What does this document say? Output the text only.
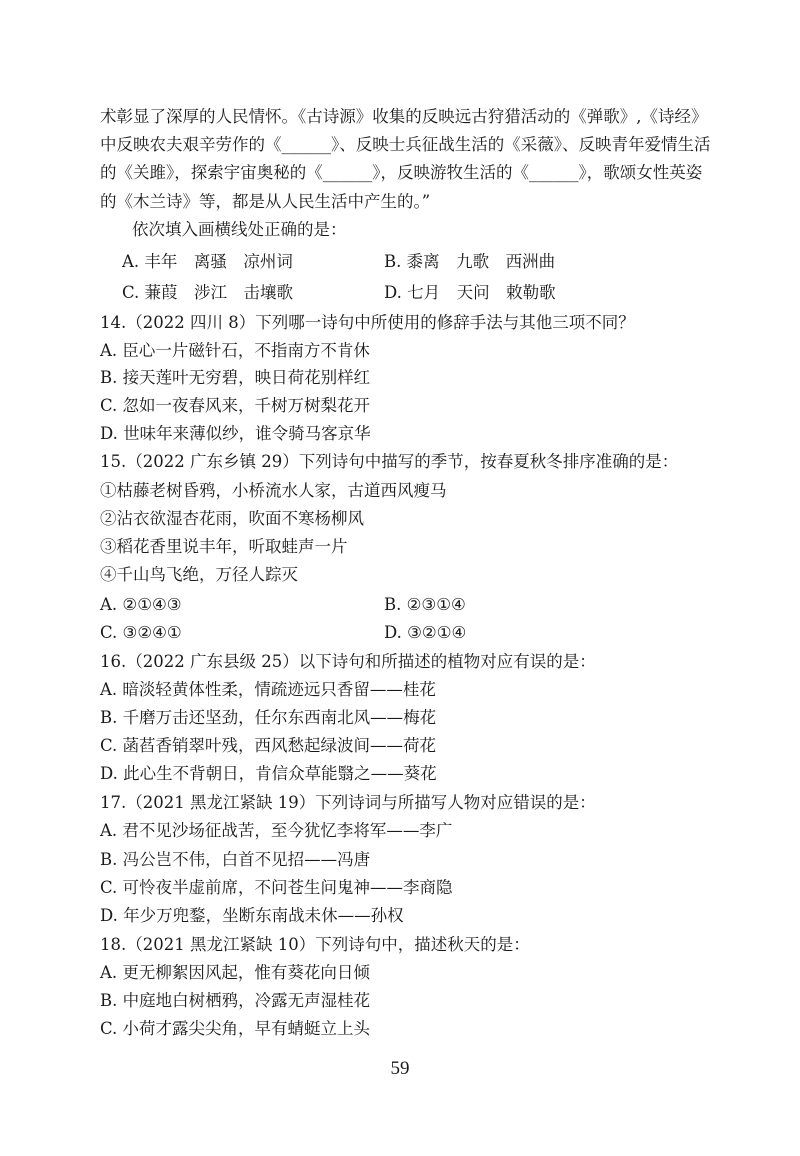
术彰显了深厚的人民情怀。《古诗源》收集的反映远古狩猎活动的《弹歌》,《诗经》
中反映农夫艰辛劳作的《______》、反映士兵征战生活的《采薇》、反映青年爱情生活
的《关雎》，探索宇宙奥秘的《______》，反映游牧生活的《______》，歌颂女性英姿
的《木兰诗》等，都是从人民生活中产生的。”
依次填入画横线处正确的是：
A. 丰年　离骚　凉州词	B. 黍离　九歌　西洲曲
C. 蒹葭　涉江　击壤歌	D. 七月　天问　敕勒歌
14.（2022 四川 8）下列哪一诗句中所使用的修辞手法与其他三项不同？
A. 臣心一片磁针石，不指南方不肯休
B. 接天莲叶无穷碧，映日荷花别样红
C. 忽如一夜春风来，千树万树梨花开
D. 世味年来薄似纱，谁令骑马客京华
15.（2022 广东乡镇 29）下列诗句中描写的季节，按春夏秋冬排序准确的是：
①枯藤老树昏鸦，小桥流水人家，古道西风瘦马
②沾衣欲湿杏花雨，吹面不寒杨柳风
③稻花香里说丰年，听取蛙声一片
④千山鸟飞绝，万径人踪灭
A. ②①④③	B. ②③①④
C. ③②④①	D. ③②①④
16.（2022 广东县级 25）以下诗句和所描述的植物对应有误的是：
A. 暗淡轻黄体性柔，情疏迹远只香留——桂花
B. 千磨万击还坚劲，任尔东西南北风——梅花
C. 菡萏香销翠叶残，西风愁起绿波间——荷花
D. 此心生不背朝日，肯信众草能翳之——葵花
17.（2021 黑龙江紧缺 19）下列诗词与所描写人物对应错误的是：
A. 君不见沙场征战苦，至今犹忆李将军——李广
B. 冯公岂不伟，白首不见招——冯唐
C. 可怜夜半虚前席，不问苍生问鬼神——李商隐
D. 年少万兜鍪，坐断东南战未休——孙权
18.（2021 黑龙江紧缺 10）下列诗句中，描述秋天的是：
A. 更无柳絮因风起，惟有葵花向日倾
B. 中庭地白树栖鸦，冷露无声湿桂花
C. 小荷才露尖尖角，早有蜻蜓立上头
59
